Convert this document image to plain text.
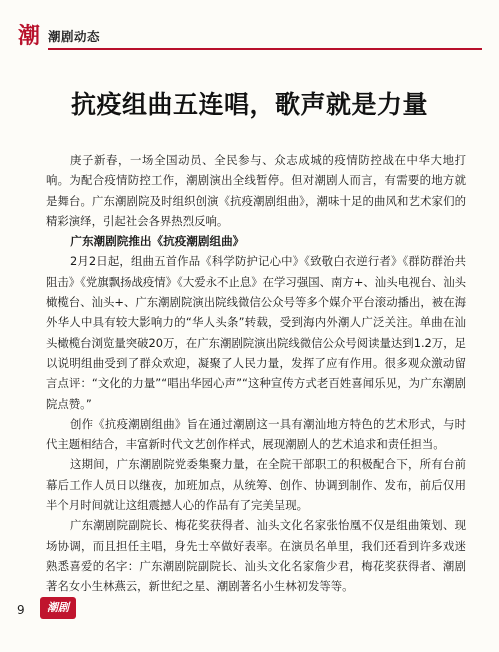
潮 潮剧动态
抗疫组曲五连唱，歌声就是力量

庚子新春，一场全国动员、全民参与、众志成城的疫情防控战在中华大地打响。为配合疫情防控工作，潮剧演出全线暂停。但对潮剧人而言，有需要的地方就是舞台。广东潮剧院及时组织创演《抗疫潮剧组曲》，潮味十足的曲风和艺术家们的精彩演绎，引起社会各界热烈反响。

广东潮剧院推出《抗疫潮剧组曲》

2月2日起，组曲五首作品《科学防护记心中》《致敬白衣逆行者》《群防群治共阻击》《党旗飘扬战疫情》《大爱永不止息》在学习强国、南方+、汕头电视台、汕头橄榄台、汕头+、广东潮剧院演出院线微信公众号等多个媒介平台滚动播出，被在海外华人中具有较大影响力的“华人头条”转载，受到海内外潮人广泛关注。单曲在汕头橄榄台浏览量突破20万，在广东潮剧院演出院线微信公众号阅读量达到1.2万，足以说明组曲受到了群众欢迎，凝聚了人民力量，发挥了应有作用。很多观众激动留言点评：“文化的力量”“唱出华园心声”“这种宣传方式老百姓喜闻乐见，为广东潮剧院点赞。”

创作《抗疫潮剧组曲》旨在通过潮剧这一具有潮汕地方特色的艺术形式，与时代主题相结合，丰富新时代文艺创作样式，展现潮剧人的艺术追求和责任担当。

这期间，广东潮剧院党委集聚力量，在全院干部职工的积极配合下，所有台前幕后工作人员日以继夜，加班加点，从统筹、创作、协调到制作、发布，前后仅用半个月时间就让这组震撼人心的作品有了完美呈现。

广东潮剧院副院长、梅花奖获得者、汕头文化名家张怡凰不仅是组曲策划、现场协调，而且担任主唱，身先士卒做好表率。在演员名单里，我们还看到许多戏迷熟悉喜爱的名字：广东潮剧院副院长、汕头文化名家詹少君，梅花奖获得者、潮剧著名女小生林燕云，新世纪之星、潮剧著名小生林初发等等。

9	潮剧
